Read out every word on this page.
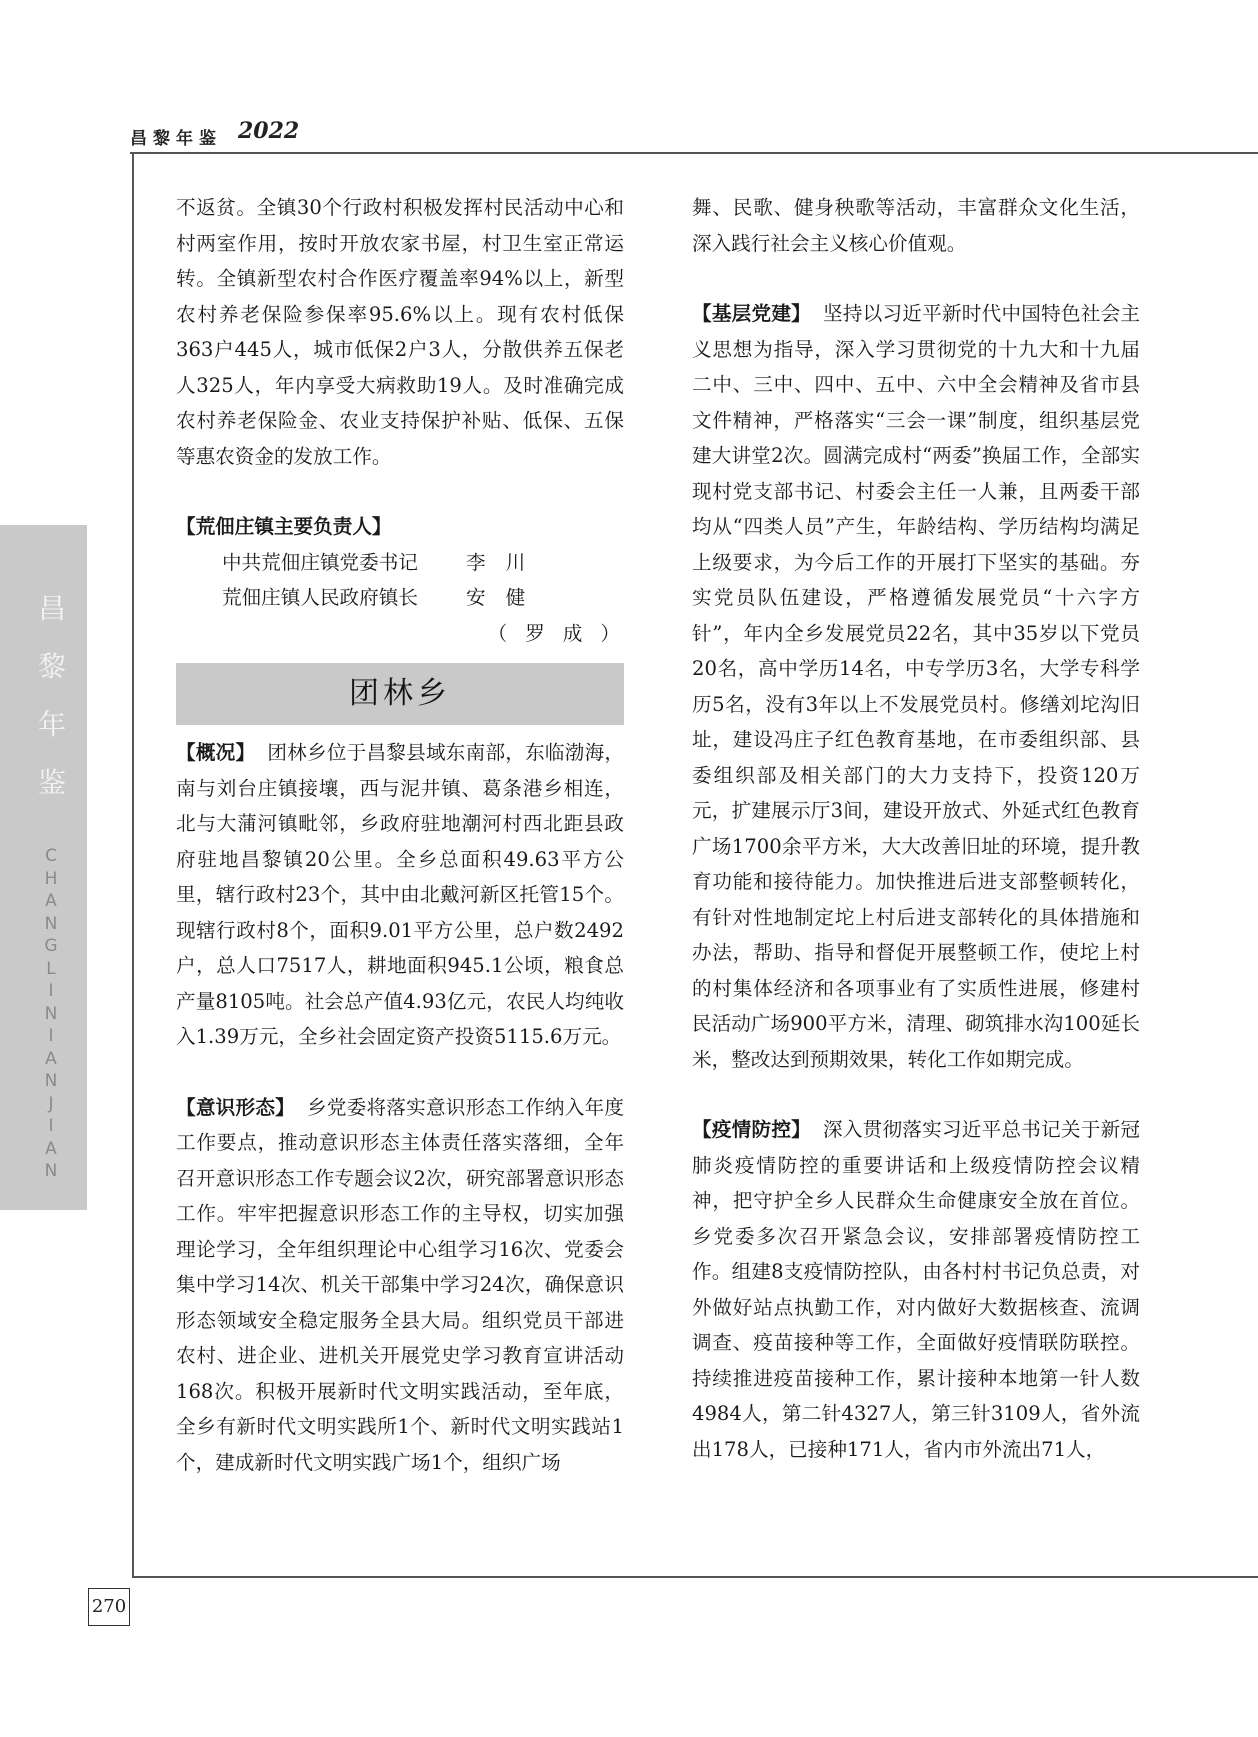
昌黎年鉴 2022
昌
黎
年
鉴
C
H
A
N
G
L
I
N
I
A
N
J
I
A
N
270

不返贫。全镇30个行政村积极发挥村民活动中心和村两室作用，按时开放农家书屋，村卫生室正常运转。全镇新型农村合作医疗覆盖率94%以上，新型农村养老保险参保率95.6%以上。现有农村低保363户445人，城市低保2户3人，分散供养五保老人325人，年内享受大病救助19人。及时准确完成农村养老保险金、农业支持保护补贴、低保、五保等惠农资金的发放工作。

【荒佃庄镇主要负责人】
中共荒佃庄镇党委书记 李川
荒佃庄镇人民政府镇长 安健
（罗成）
团林乡

【概况】 团林乡位于昌黎县域东南部，东临渤海，南与刘台庄镇接壤，西与泥井镇、葛条港乡相连，北与大蒲河镇毗邻，乡政府驻地潮河村西北距县政府驻地昌黎镇20公里。全乡总面积49.63平方公里，辖行政村23个，其中由北戴河新区托管15个。现辖行政村8个，面积9.01平方公里，总户数2492户，总人口7517人，耕地面积945.1公顷，粮食总产量8105吨。社会总产值4.93亿元，农民人均纯收入1.39万元，全乡社会固定资产投资5115.6万元。

【意识形态】 乡党委将落实意识形态工作纳入年度工作要点，推动意识形态主体责任落实落细，全年召开意识形态工作专题会议2次，研究部署意识形态工作。牢牢把握意识形态工作的主导权，切实加强理论学习，全年组织理论中心组学习16次、党委会集中学习14次、机关干部集中学习24次，确保意识形态领域安全稳定服务全县大局。组织党员干部进农村、进企业、进机关开展党史学习教育宣讲活动168次。积极开展新时代文明实践活动，至年底，全乡有新时代文明实践所1个、新时代文明实践站1个，建成新时代文明实践广场1个，组织广场

舞、民歌、健身秧歌等活动，丰富群众文化生活，深入践行社会主义核心价值观。

【基层党建】 坚持以习近平新时代中国特色社会主义思想为指导，深入学习贯彻党的十九大和十九届二中、三中、四中、五中、六中全会精神及省市县文件精神，严格落实“三会一课”制度，组织基层党建大讲堂2次。圆满完成村“两委”换届工作，全部实现村党支部书记、村委会主任一人兼，且两委干部均从“四类人员”产生，年龄结构、学历结构均满足上级要求，为今后工作的开展打下坚实的基础。夯实党员队伍建设，严格遵循发展党员“十六字方针”，年内全乡发展党员22名，其中35岁以下党员20名，高中学历14名，中专学历3名，大学专科学历5名，没有3年以上不发展党员村。修缮刘坨沟旧址，建设冯庄子红色教育基地，在市委组织部、县委组织部及相关部门的大力支持下，投资120万元，扩建展示厅3间，建设开放式、外延式红色教育广场1700余平方米，大大改善旧址的环境，提升教育功能和接待能力。加快推进后进支部整顿转化，有针对性地制定坨上村后进支部转化的具体措施和办法，帮助、指导和督促开展整顿工作，使坨上村的村集体经济和各项事业有了实质性进展，修建村民活动广场900平方米，清理、砌筑排水沟100延长米，整改达到预期效果，转化工作如期完成。

【疫情防控】 深入贯彻落实习近平总书记关于新冠肺炎疫情防控的重要讲话和上级疫情防控会议精神，把守护全乡人民群众生命健康安全放在首位。乡党委多次召开紧急会议，安排部署疫情防控工作。组建8支疫情防控队，由各村村书记负总责，对外做好站点执勤工作，对内做好大数据核查、流调调查、疫苗接种等工作，全面做好疫情联防联控。持续推进疫苗接种工作，累计接种本地第一针人数4984人，第二针4327人，第三针3109人，省外流出178人，已接种171人，省内市外流出71人，
